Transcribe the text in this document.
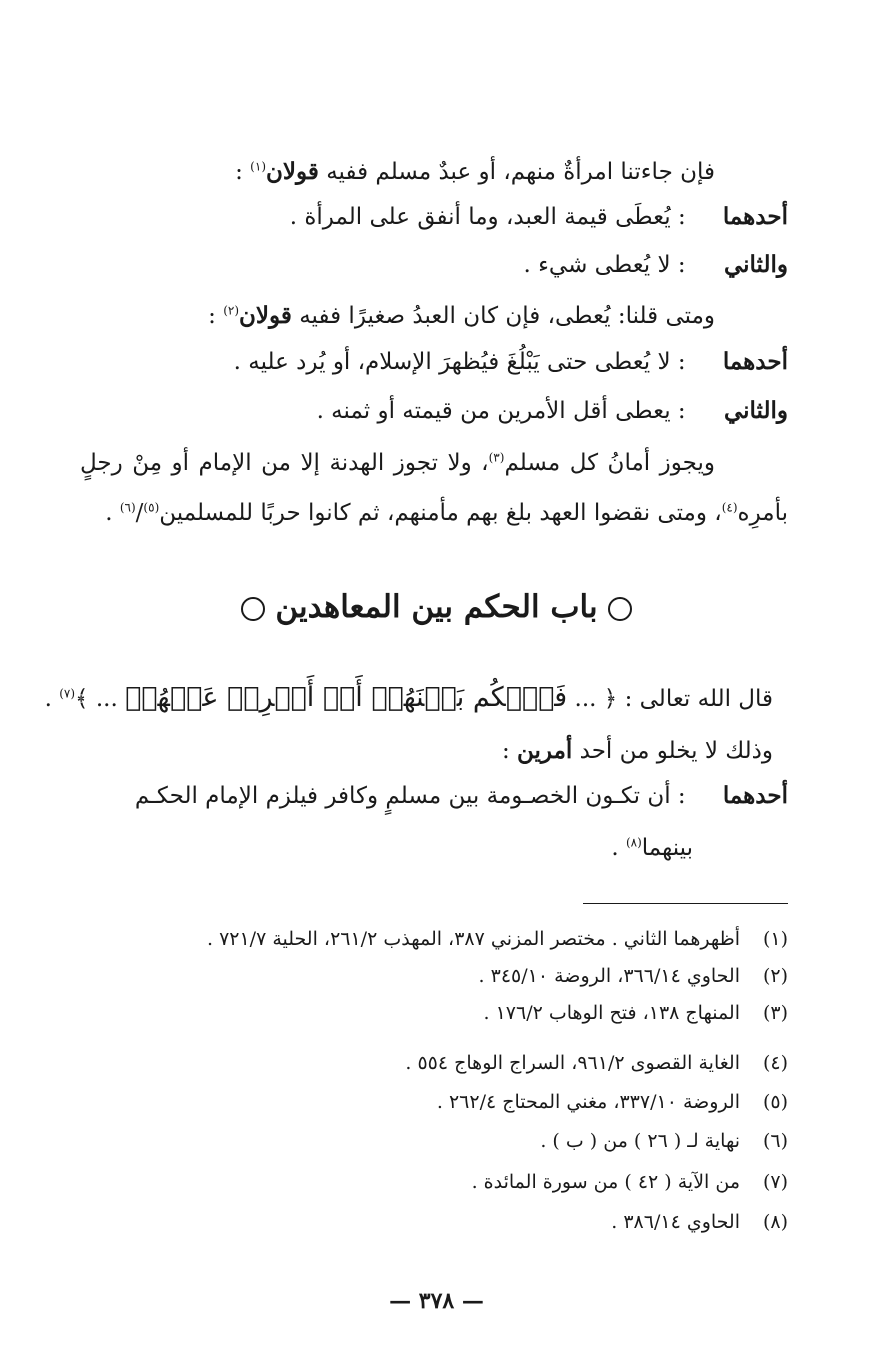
فإن جاءتنا امرأةٌ منهم، أو عبدٌ مسلم ففيه قولان$^{(١)}$ :
أحدهما : يُعطَى قيمة العبد، وما أنفق على المرأة .
والثاني : لا يُعطى شيء .
ومتى قلنا: يُعطى، فإن كان العبدُ صغيرًا ففيه قولان$^{(٢)}$ :
أحدهما : لا يُعطى حتى يَبْلُغَ فيُظهرَ الإسلام، أو يُرد عليه .
والثاني : يعطى أقل الأمرين من قيمته أو ثمنه .
ويجوز أمانُ كل مسلم$^{(٣)}$، ولا تجوز الهدنة إلا من الإمام أو مِنْ رجلٍ
بأمرِه$^{(٤)}$، ومتى نقضوا العهد بلغ بهم مأمنهم، ثم كانوا حربًا للمسلمين$^{(٥)}$/$^{(٦)}$ .
باب الحكم بين المعاهدين
قال الله تعالى : ﴿ ... فَٱحۡكُم بَيۡنَهُمۡ أَوۡ أَعۡرِضۡ عَنۡهُمۡ ... ﴾$^{(٧)}$ .
وذلك لا يخلو من أحد أمرين :
أحدهما : أن تكـون الخصـومة بين مسلمٍ وكافر فيلزم الإمام الحكـم
بينهما$^{(٨)}$ .
(١)أظهرهما الثاني . مختصر المزني ٣٨٧، المهذب ٢٦١/٢، الحلية ٧٢١/٧ .
(٢)الحاوي ٣٦٦/١٤، الروضة ٣٤٥/١٠ .
(٣)المنهاج ١٣٨، فتح الوهاب ١٧٦/٢ .
(٤)الغاية القصوى ٩٦١/٢، السراج الوهاج ٥٥٤ .
(٥)الروضة ٣٣٧/١٠، مغني المحتاج ٢٦٢/٤ .
(٦)نهاية لـ ( ٢٦ ) من ( ب ) .
(٧)من الآية ( ٤٢ ) من سورة المائدة .
(٨)الحاوي ٣٨٦/١٤ .
— ٣٧٨ —
